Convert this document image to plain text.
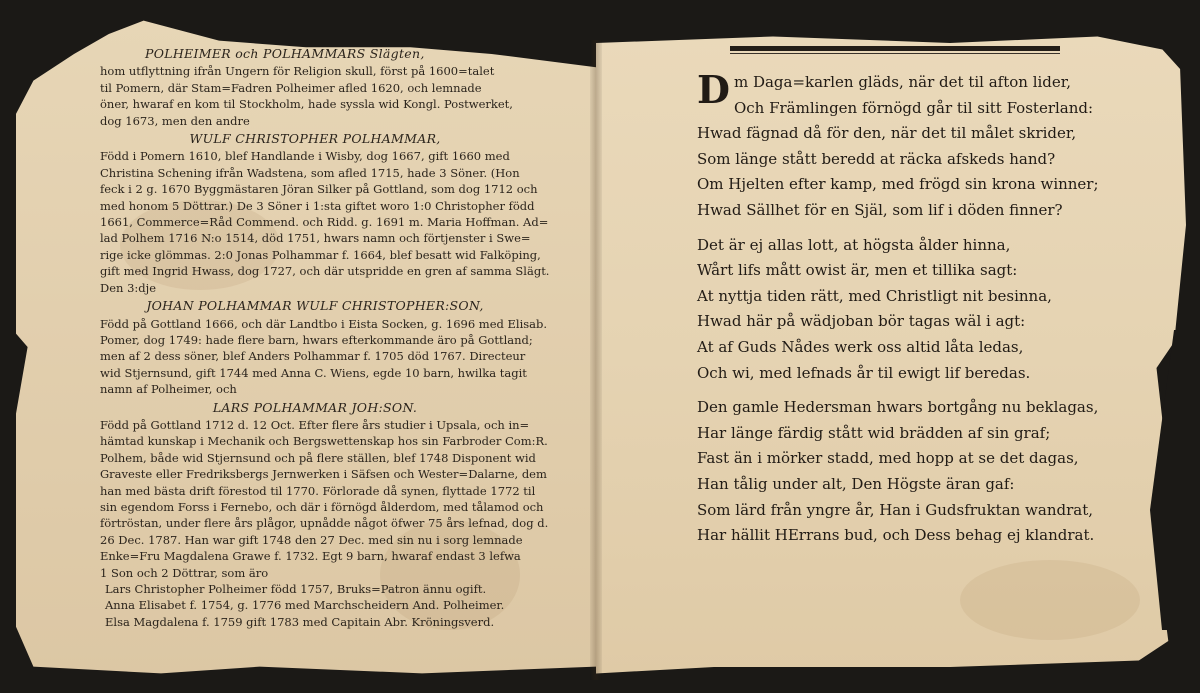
POLHEIMER och POLHAMMARS Slägten,
hom utflyttning ifrån Ungern för Religion skull, först på 1600=talet
til Pomern, där Stam=Fadren Polheimer afled 1620, och lemnade
öner, hwaraf en kom til Stockholm, hade syssla wid Kongl. Postwerket,
dog 1673, men den andre
WULF CHRISTOPHER POLHAMMAR,
Född i Pomern 1610, blef Handlande i Wisby, dog 1667, gift 1660 med
Christina Schening ifrån Wadstena, som afled 1715, hade 3 Söner. (Hon
feck i 2 g. 1670 Byggmästaren Jöran Silker på Gottland, som dog 1712 och
med honom 5 Döttrar.) De 3 Söner i 1:sta giftet woro 1:0 Christopher född
1661, Commerce=Råd Commend. och Ridd. g. 1691 m. Maria Hoffman. Ad=
lad Polhem 1716 N:o 1514, död 1751, hwars namn och förtjenster i Swe=
rige icke glömmas. 2:0 Jonas Polhammar f. 1664, blef besatt wid Falköping,
gift med Ingrid Hwass, dog 1727, och där utspridde en gren af samma Slägt.
Den 3:dje
JOHAN POLHAMMAR WULF CHRISTOPHER:SON,
Född på Gottland 1666, och där Landtbo i Eista Socken, g. 1696 med Elisab.
Pomer, dog 1749: hade flere barn, hwars efterkommande äro på Gottland;
men af 2 dess söner, blef Anders Polhammar f. 1705 död 1767. Directeur
wid Stjernsund, gift 1744 med Anna C. Wiens, egde 10 barn, hwilka tagit
namn af Polheimer, och
LARS POLHAMMAR JOH:SON.
Född på Gottland 1712 d. 12 Oct. Efter flere års studier i Upsala, och in=
hämtad kunskap i Mechanik och Bergswettenskap hos sin Farbroder Com:R.
Polhem, både wid Stjernsund och på flere ställen, blef 1748 Disponent wid
Graveste eller Fredriksbergs Jernwerken i Säfsen och Wester=Dalarne, dem
han med bästa drift förestod til 1770. Förlorade då synen, flyttade 1772 til
sin egendom Forss i Fernebo, och där i förnögd ålderdom, med tålamod och
förtröstan, under flere års plågor, upnådde något öfwer 75 års lefnad, dog d.
26 Dec. 1787. Han war gift 1748 den 27 Dec. med sin nu i sorg lemnade
Enke=Fru Magdalena Grawe f. 1732. Egt 9 barn, hwaraf endast 3 lefwa
1 Son och 2 Döttrar, som äro
Lars Christopher Polheimer född 1757, Bruks=Patron ännu ogift.
Anna Elisabet f. 1754, g. 1776 med Marchscheidern And. Polheimer.
Elsa Magdalena f. 1759 gift 1783 med Capitain Abr. Kröningsverd.
D m Daga=karlen gläds, när det til afton lider,
Och Främlingen förnögd går til sitt Fosterland:
Hwad fägnad då för den, när det til målet skrider,
Som länge stått beredd at räcka afskeds hand?
Om Hjelten efter kamp, med frögd sin krona winner;
Hwad Sällhet för en Själ, som lif i döden finner?
Det är ej allas lott, at högsta ålder hinna,
Wårt lifs mått owist är, men et tillika sagt:
At nyttja tiden rätt, med Christligt nit besinna,
Hwad här på wädjoban bör tagas wäl i agt:
At af Guds Nådes werk oss altid låta ledas,
Och wi, med lefnads år til ewigt lif beredas.
Den gamle Hedersman hwars bortgång nu beklagas,
Har länge färdig stått wid brädden af sin graf;
Fast än i mörker stadd, med hopp at se det dagas,
Han tålig under alt, Den Högste äran gaf:
Som lärd från yngre år, Han i Gudsfruktan wandrat,
Har hällit HErrans bud, och Dess behag ej klandrat.
